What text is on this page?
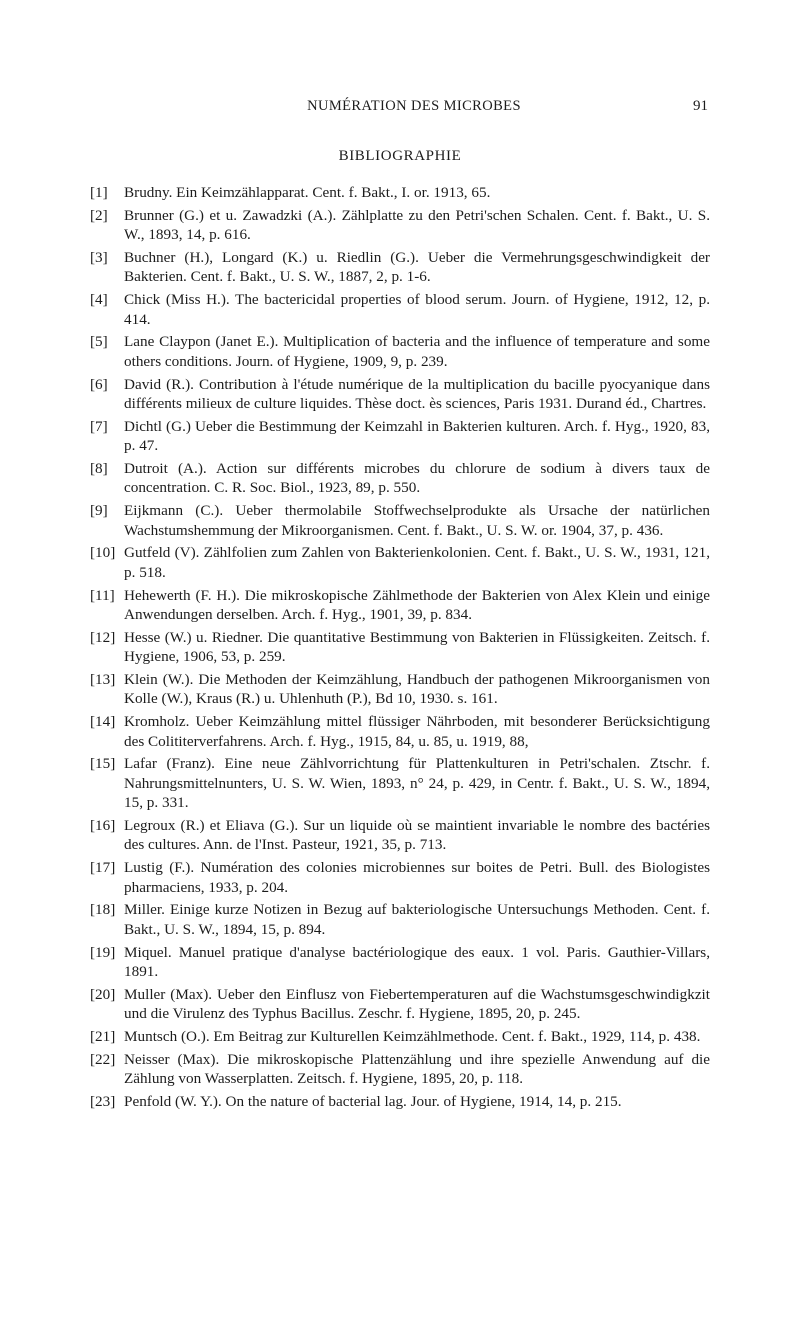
NUMÉRATION DES MICROBES	91
BIBLIOGRAPHIE
[1] Brudny. Ein Keimzählapparat. Cent. f. Bakt., I. or. 1913, 65.
[2] Brunner (G.) et u. Zawadzki (A.). Zählplatte zu den Petri'schen Schalen. Cent. f. Bakt., U. S. W., 1893, 14, p. 616.
[3] Buchner (H.), Longard (K.) u. Riedlin (G.). Ueber die Vermehrungsgeschwindigkeit der Bakterien. Cent. f. Bakt., U. S. W., 1887, 2, p. 1-6.
[4] Chick (Miss H.). The bactericidal properties of blood serum. Journ. of Hygiene, 1912, 12, p. 414.
[5] Lane Claypon (Janet E.). Multiplication of bacteria and the influence of temperature and some others conditions. Journ. of Hygiene, 1909, 9, p. 239.
[6] David (R.). Contribution à l'étude numérique de la multiplication du bacille pyocyanique dans différents milieux de culture liquides. Thèse doct. ès sciences, Paris 1931. Durand éd., Chartres.
[7] Dichtl (G.) Ueber die Bestimmung der Keimzahl in Bakterien kulturen. Arch. f. Hyg., 1920, 83, p. 47.
[8] Dutroit (A.). Action sur différents microbes du chlorure de sodium à divers taux de concentration. C. R. Soc. Biol., 1923, 89, p. 550.
[9] Eijkmann (C.). Ueber thermolabile Stoffwechselprodukte als Ursache der natürlichen Wachstumshemmung der Mikroorganismen. Cent. f. Bakt., U. S. W. or. 1904, 37, p. 436.
[10] Gutfeld (V). Zählfolien zum Zahlen von Bakterienkolonien. Cent. f. Bakt., U. S. W., 1931, 121, p. 518.
[11] Hehewerth (F. H.). Die mikroskopische Zählmethode der Bakterien von Alex Klein und einige Anwendungen derselben. Arch. f. Hyg., 1901, 39, p. 834.
[12] Hesse (W.) u. Riedner. Die quantitative Bestimmung von Bakterien in Flüssigkeiten. Zeitsch. f. Hygiene, 1906, 53, p. 259.
[13] Klein (W.). Die Methoden der Keimzählung, Handbuch der pathogenen Mikroorganismen von Kolle (W.), Kraus (R.) u. Uhlenhuth (P.), Bd 10, 1930. s. 161.
[14] Kromholz. Ueber Keimzählung mittel flüssiger Nährboden, mit besonderer Berücksichtigung des Colititerverfahrens. Arch. f. Hyg., 1915, 84, u. 85, u. 1919, 88,
[15] Lafar (Franz). Eine neue Zählvorrichtung für Plattenkulturen in Petri'schalen. Ztschr. f. Nahrungsmittelnunters, U. S. W. Wien, 1893, n° 24, p. 429, in Centr. f. Bakt., U. S. W., 1894, 15, p. 331.
[16] Legroux (R.) et Eliava (G.). Sur un liquide où se maintient invariable le nombre des bactéries des cultures. Ann. de l'Inst. Pasteur, 1921, 35, p. 713.
[17] Lustig (F.). Numération des colonies microbiennes sur boites de Petri. Bull. des Biologistes pharmaciens, 1933, p. 204.
[18] Miller. Einige kurze Notizen in Bezug auf bakteriologische Untersuchungs Methoden. Cent. f. Bakt., U. S. W., 1894, 15, p. 894.
[19] Miquel. Manuel pratique d'analyse bactériologique des eaux. 1 vol. Paris. Gauthier-Villars, 1891.
[20] Muller (Max). Ueber den Einflusz von Fiebertemperaturen auf die Wachstumsgeschwindigkzit und die Virulenz des Typhus Bacillus. Zeschr. f. Hygiene, 1895, 20, p. 245.
[21] Muntsch (O.). Em Beitrag zur Kulturellen Keimzählmethode. Cent. f. Bakt., 1929, 114, p. 438.
[22] Neisser (Max). Die mikroskopische Plattenzählung und ihre spezielle Anwendung auf die Zählung von Wasserplatten. Zeitsch. f. Hygiene, 1895, 20, p. 118.
[23] Penfold (W. Y.). On the nature of bacterial lag. Jour. of Hygiene, 1914, 14, p. 215.
